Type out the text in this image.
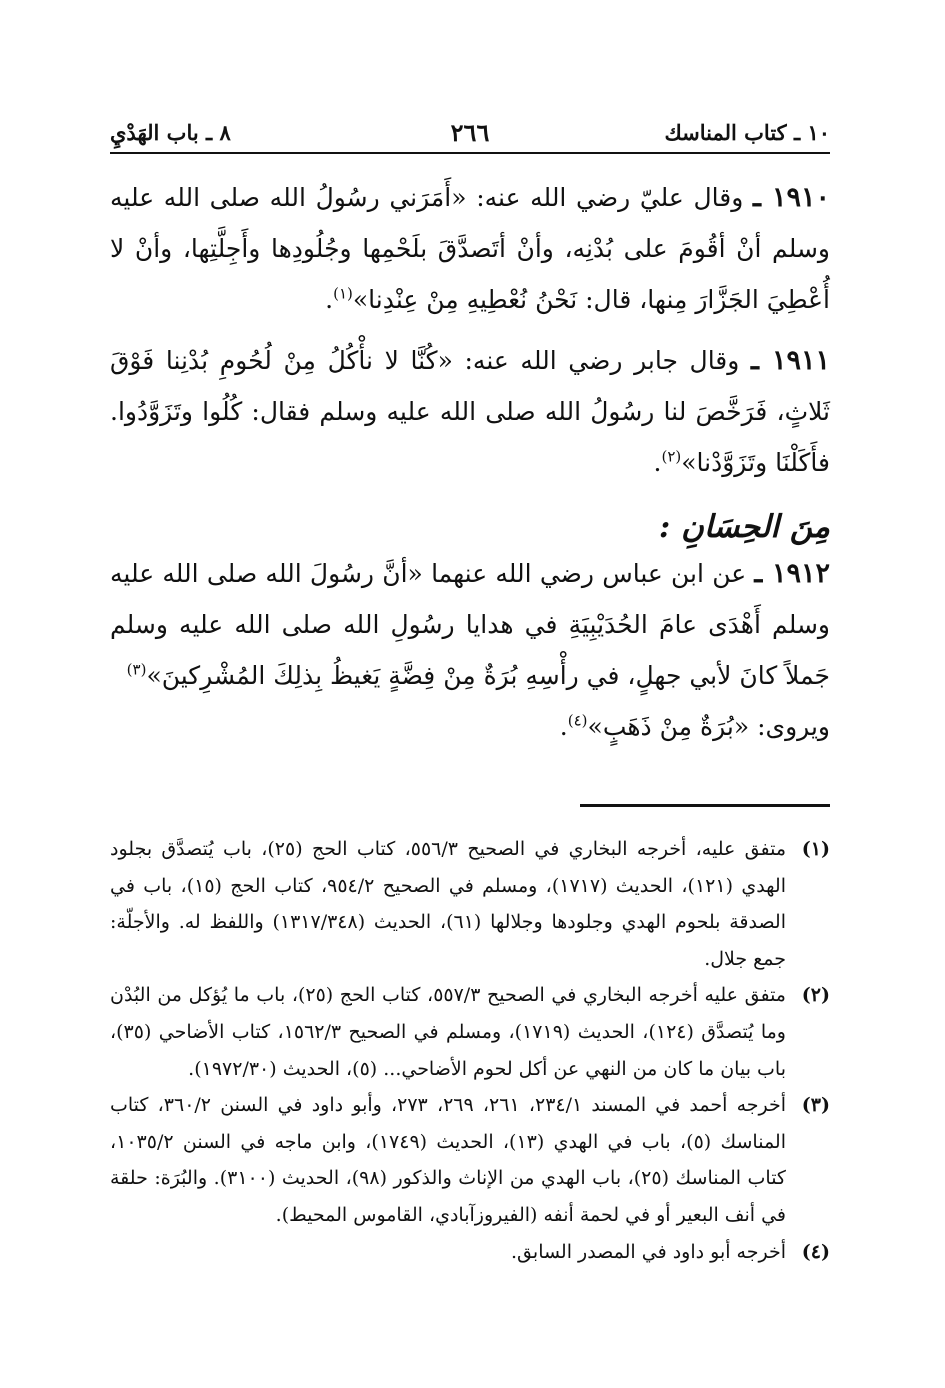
١٠ ـ كتاب المناسك
٢٦٦
٨ ـ باب الهَدْيِ

١٩١٠ ـ وقال عليّ رضي الله عنه: «أَمَرَني رسُولُ الله صلى الله عليه وسلم أنْ أقُومَ على بُدْنِه، وأنْ أتَصدَّقَ بلَحْمِها وجُلُودِها وأَجِلَّتِها، وأنْ لا أُعْطِيَ الجَزَّارَ مِنها، قال: نَحْنُ نُعْطِيهِ مِنْ عِنْدِنا»$^{(١)}$.

١٩١١ ـ وقال جابر رضي الله عنه: «كُنَّا لا نأْكُلُ مِنْ لُحُومِ بُدْنِنا فَوْقَ ثَلاثٍ، فَرَخَّصَ لنا رسُولُ الله صلى الله عليه وسلم فقال: كُلُوا وتَزَوَّدُوا. فأَكَلْنَا وتَزَوَّدْنا»$^{(٢)}$.

مِنَ الحِسَانِ :

١٩١٢ ـ عن ابن عباس رضي الله عنهما «أنَّ رسُولَ الله صلى الله عليه وسلم أَهْدَى عامَ الحُدَيْبِيَةِ في هدايا رسُولِ الله صلى الله عليه وسلم جَملاً كانَ لأبي جهلٍ، في رأْسِهِ بُرَةٌ مِنْ فِضَّةٍ يَغيظُ بِذلِكَ المُشْرِكينَ»$^{(٣)}$
ويروى: «بُرَةٌ مِنْ ذَهَبٍ»$^{(٤)}$.

(١)
متفق عليه، أخرجه البخاري في الصحيح ٥٥٦/٣، كتاب الحج (٢٥)، باب يُتصدَّق بجلود الهدي (١٢١)، الحديث (١٧١٧)، ومسلم في الصحيح ٩٥٤/٢، كتاب الحج (١٥)، باب في الصدقة بلحوم الهدي وجلودها وجلالها (٦١)، الحديث (١٣١٧/٣٤٨) واللفظ له. والأجلّة: جمع جلال.
(٢)
متفق عليه أخرجه البخاري في الصحيح ٥٥٧/٣، كتاب الحج (٢٥)، باب ما يُؤكل من البُدْن وما يُتصدَّق (١٢٤)، الحديث (١٧١٩)، ومسلم في الصحيح ١٥٦٢/٣، كتاب الأضاحي (٣٥)، باب بيان ما كان من النهي عن أكل لحوم الأضاحي... (٥)، الحديث (١٩٧٢/٣٠).
(٣)
أخرجه أحمد في المسند ٢٣٤/١، ٢٦١، ٢٦٩، ٢٧٣، وأبو داود في السنن ٣٦٠/٢، كتاب المناسك (٥)، باب في الهدي (١٣)، الحديث (١٧٤٩)، وابن ماجه في السنن ١٠٣٥/٢، كتاب المناسك (٢٥)، باب الهدي من الإناث والذكور (٩٨)، الحديث (٣١٠٠). والبُرَة: حلقة في أنف البعير أو في لحمة أنفه (الفيروزآبادي، القاموس المحيط).
(٤)
أخرجه أبو داود في المصدر السابق.
